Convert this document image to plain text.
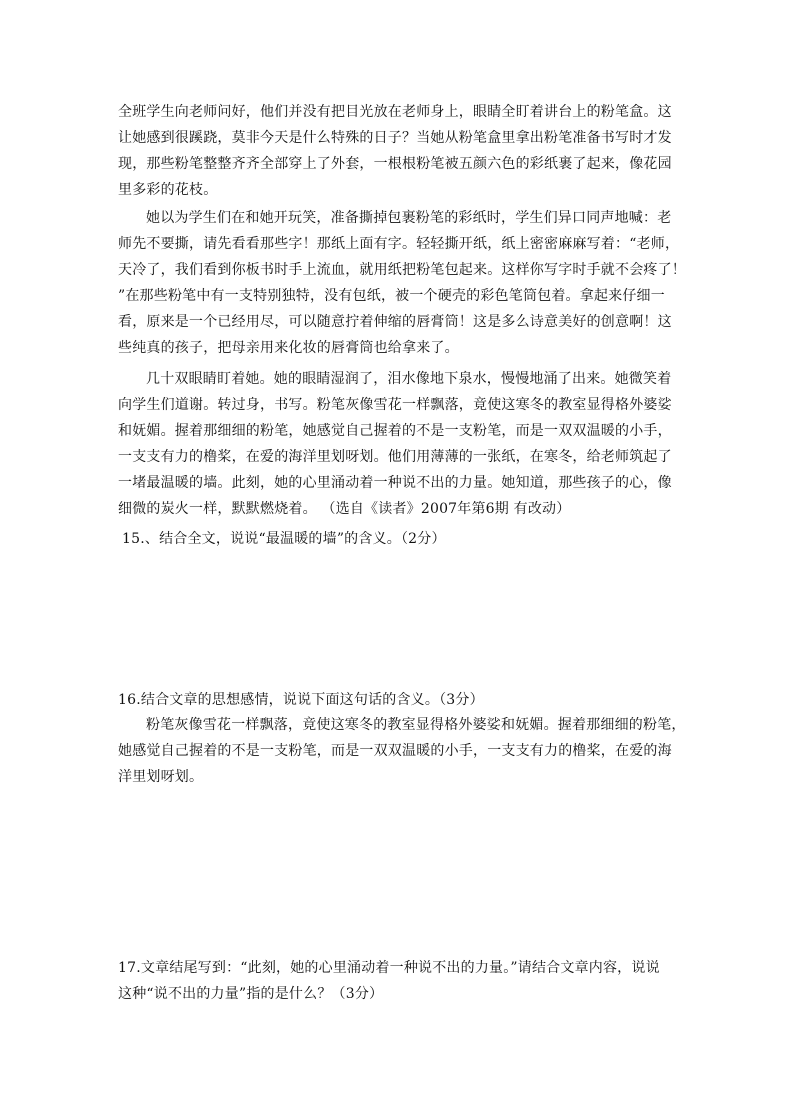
全班学生向老师问好，他们并没有把目光放在老师身上，眼睛全盯着讲台上的粉笔盒。这
让她感到很蹊跷，莫非今天是什么特殊的日子？当她从粉笔盒里拿出粉笔准备书写时才发
现，那些粉笔整整齐齐全部穿上了外套，一根根粉笔被五颜六色的彩纸裹了起来，像花园
里多彩的花枝。
她以为学生们在和她开玩笑，准备撕掉包裹粉笔的彩纸时，学生们异口同声地喊：老
师先不要撕，请先看看那些字！那纸上面有字。轻轻撕开纸，纸上密密麻麻写着：“老师，
天冷了，我们看到你板书时手上流血，就用纸把粉笔包起来。这样你写字时手就不会疼了！
”在那些粉笔中有一支特别独特，没有包纸，被一个硬壳的彩色笔筒包着。拿起来仔细一
看，原来是一个已经用尽，可以随意拧着伸缩的唇膏筒！这是多么诗意美好的创意啊！这
些纯真的孩子，把母亲用来化妆的唇膏筒也给拿来了。
几十双眼睛盯着她。她的眼睛湿润了，泪水像地下泉水，慢慢地涌了出来。她微笑着
向学生们道谢。转过身，书写。粉笔灰像雪花一样飘落，竟使这寒冬的教室显得格外婆娑
和妩媚。握着那细细的粉笔，她感觉自己握着的不是一支粉笔，而是一双双温暖的小手，
一支支有力的橹桨，在爱的海洋里划呀划。他们用薄薄的一张纸，在寒冬，给老师筑起了
一堵最温暖的墙。此刻，她的心里涌动着一种说不出的力量。她知道，那些孩子的心，像
细微的炭火一样，默默燃烧着。 （选自《读者》2007年第6期 有改动）
15.、结合全文，说说“最温暖的墙”的含义。（2分）
16.结合文章的思想感情，说说下面这句话的含义。（3分）
粉笔灰像雪花一样飘落，竟使这寒冬的教室显得格外婆娑和妩媚。握着那细细的粉笔，
她感觉自己握着的不是一支粉笔，而是一双双温暖的小手，一支支有力的橹桨，在爱的海
洋里划呀划。
17.文章结尾写到：“此刻，她的心里涌动着一种说不出的力量。”请结合文章内容，说说
这种“说不出的力量”指的是什么？（3分）
